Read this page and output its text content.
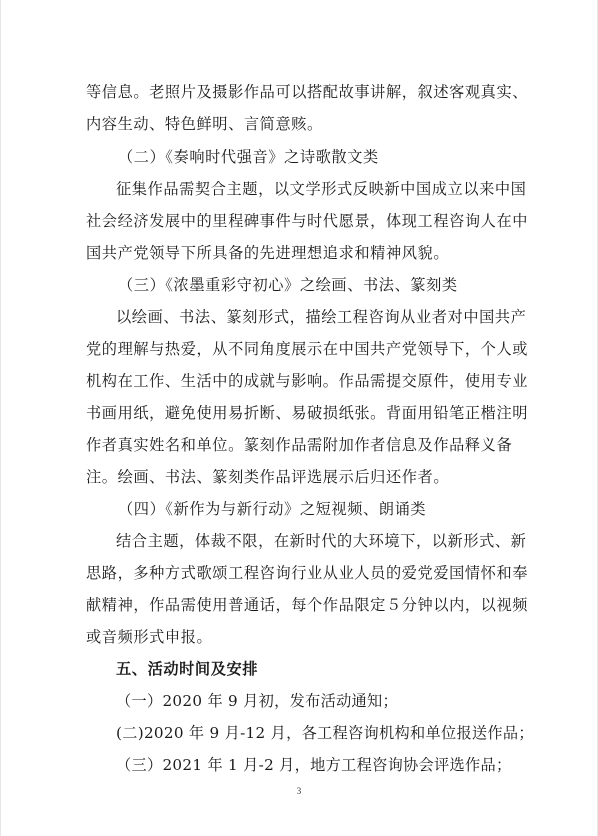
等信息。老照片及摄影作品可以搭配故事讲解，叙述客观真实、
内容生动、特色鲜明、言简意赅。
（二）《奏响时代强音》之诗歌散文类
征集作品需契合主题，以文学形式反映新中国成立以来中国
社会经济发展中的里程碑事件与时代愿景，体现工程咨询人在中
国共产党领导下所具备的先进理想追求和精神风貌。
（三）《浓墨重彩守初心》之绘画、书法、篆刻类
以绘画、书法、篆刻形式，描绘工程咨询从业者对中国共产
党的理解与热爱，从不同角度展示在中国共产党领导下，个人或
机构在工作、生活中的成就与影响。作品需提交原件，使用专业
书画用纸，避免使用易折断、易破损纸张。背面用铅笔正楷注明
作者真实姓名和单位。篆刻作品需附加作者信息及作品释义备
注。绘画、书法、篆刻类作品评选展示后归还作者。
（四）《新作为与新行动》之短视频、朗诵类
结合主题，体裁不限，在新时代的大环境下，以新形式、新
思路，多种方式歌颂工程咨询行业从业人员的爱党爱国情怀和奉
献精神，作品需使用普通话，每个作品限定５分钟以内，以视频
或音频形式申报。
五、活动时间及安排
（一）2020 年 9 月初，发布活动通知；
(二)2020 年 9 月-12 月，各工程咨询机构和单位报送作品；
（三）2021 年 1 月-2 月，地方工程咨询协会评选作品；
3
